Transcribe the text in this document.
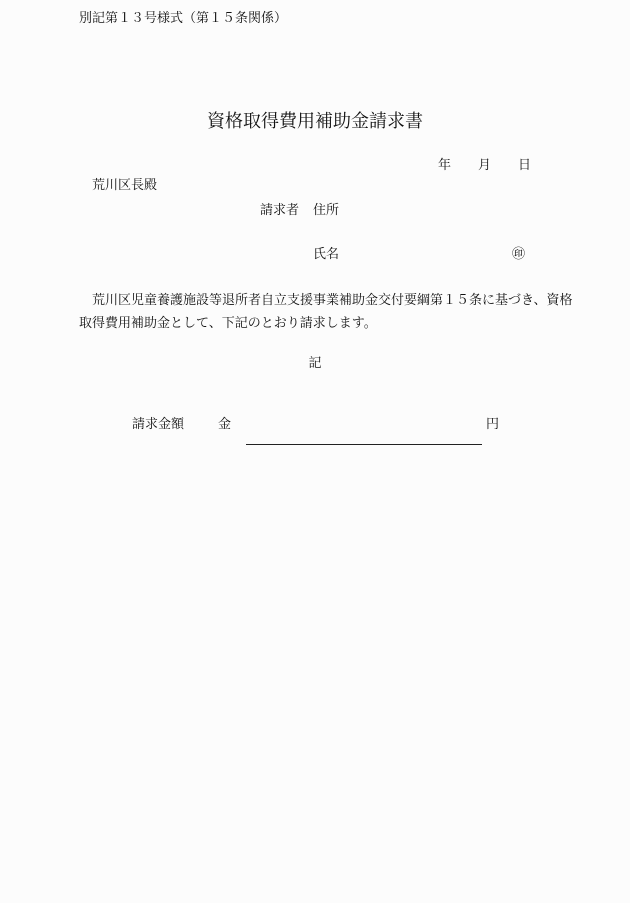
別記第１３号様式（第１５条関係）
資格取得費用補助金請求書
年 月 日
荒川区長殿
請求者 住所
氏名	㊞
荒川区児童養護施設等退所者自立支援事業補助金交付要綱第１５条に基づき、資格取得費用補助金として、下記のとおり請求します。
記
請求金額	金	円
